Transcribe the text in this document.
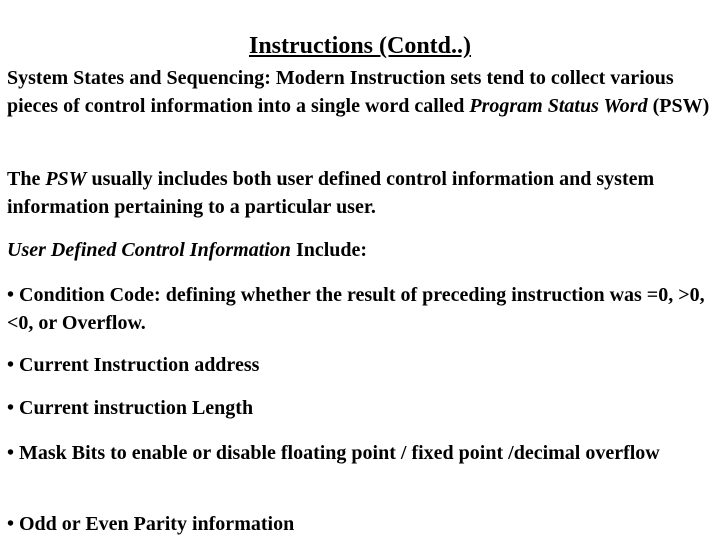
Instructions (Contd..)

System States and Sequencing: Modern Instruction sets tend to collect various pieces of control information into a single word called Program Status Word (PSW)

The PSW usually includes both user defined control information and system information pertaining to a particular user.

User Defined Control Information Include:

• Condition Code: defining whether the result of preceding instruction was =0, >0, <0, or Overflow.

• Current Instruction address

• Current instruction Length

• Mask Bits to enable or disable floating point / fixed point /decimal overflow

• Odd or Even Parity information
